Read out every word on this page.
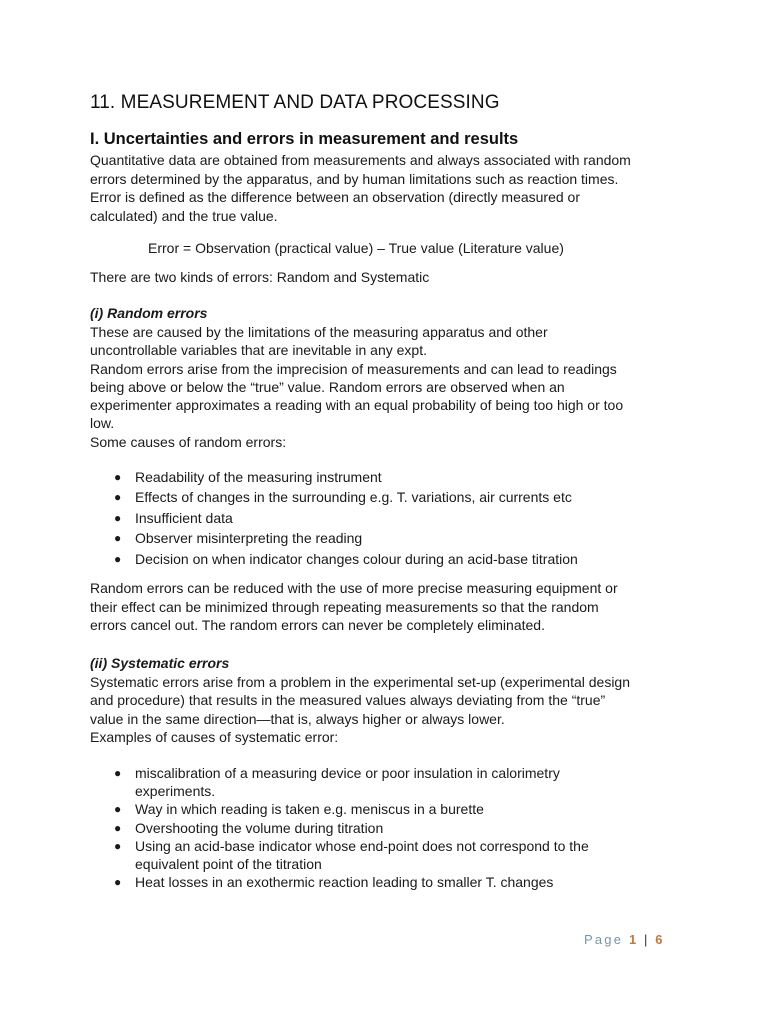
11. MEASUREMENT AND DATA PROCESSING
I. Uncertainties and errors in measurement and results
Quantitative data are obtained from measurements and always associated with random
errors determined by the apparatus, and by human limitations such as reaction times.
Error is defined as the difference between an observation (directly measured or
calculated) and the true value.
Error = Observation (practical value) – True value (Literature value)
There are two kinds of errors: Random and Systematic
(i) Random errors
These are caused by the limitations of the measuring apparatus and other
uncontrollable variables that are inevitable in any expt.
Random errors arise from the imprecision of measurements and can lead to readings
being above or below the “true” value. Random errors are observed when an
experimenter approximates a reading with an equal probability of being too high or too
low.
Some causes of random errors:
● Readability of the measuring instrument
● Effects of changes in the surrounding e.g. T. variations, air currents etc
● Insufficient data
● Observer misinterpreting the reading
● Decision on when indicator changes colour during an acid-base titration
Random errors can be reduced with the use of more precise measuring equipment or
their effect can be minimized through repeating measurements so that the random
errors cancel out. The random errors can never be completely eliminated.
(ii) Systematic errors
Systematic errors arise from a problem in the experimental set-up (experimental design
and procedure) that results in the measured values always deviating from the “true”
value in the same direction—that is, always higher or always lower.
Examples of causes of systematic error:
● miscalibration of a measuring device or poor insulation in calorimetry
experiments.
● Way in which reading is taken e.g. meniscus in a burette
● Overshooting the volume during titration
● Using an acid-base indicator whose end-point does not correspond to the
equivalent point of the titration
● Heat losses in an exothermic reaction leading to smaller T. changes
Page 1 | 6
